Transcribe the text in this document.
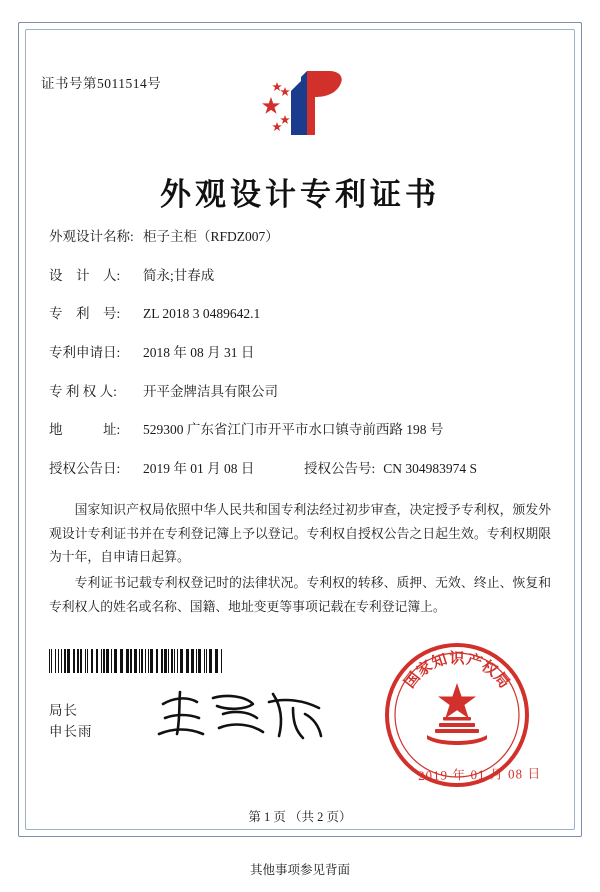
证书号第5011514号
外观设计专利证书
外观设计名称: 柜子主柜（RFDZ007）
设　计　人:	简永;甘春成
专　利　号:	ZL 2018 3 0489642.1
专利申请日:	2018 年 08 月 31 日
专 利 权 人:	开平金牌洁具有限公司
地　　　址:	529300 广东省江门市开平市水口镇寺前西路 198 号
授权公告日:	2019 年 01 月 08 日	授权公告号: CN 304983974 S

国家知识产权局依照中华人民共和国专利法经过初步审查，决定授予专利权，颁发外观设计专利证书并在专利登记簿上予以登记。专利权自授权公告之日起生效。专利权期限为十年，自申请日起算。

专利证书记载专利权登记时的法律状况。专利权的转移、质押、无效、终止、恢复和专利权人的姓名或名称、国籍、地址变更等事项记载在专利登记簿上。

局长
申长雨
国
家
知 识 产
权
局
2019 年 01 月 08 日
第 1 页 （共 2 页）
其他事项参见背面
